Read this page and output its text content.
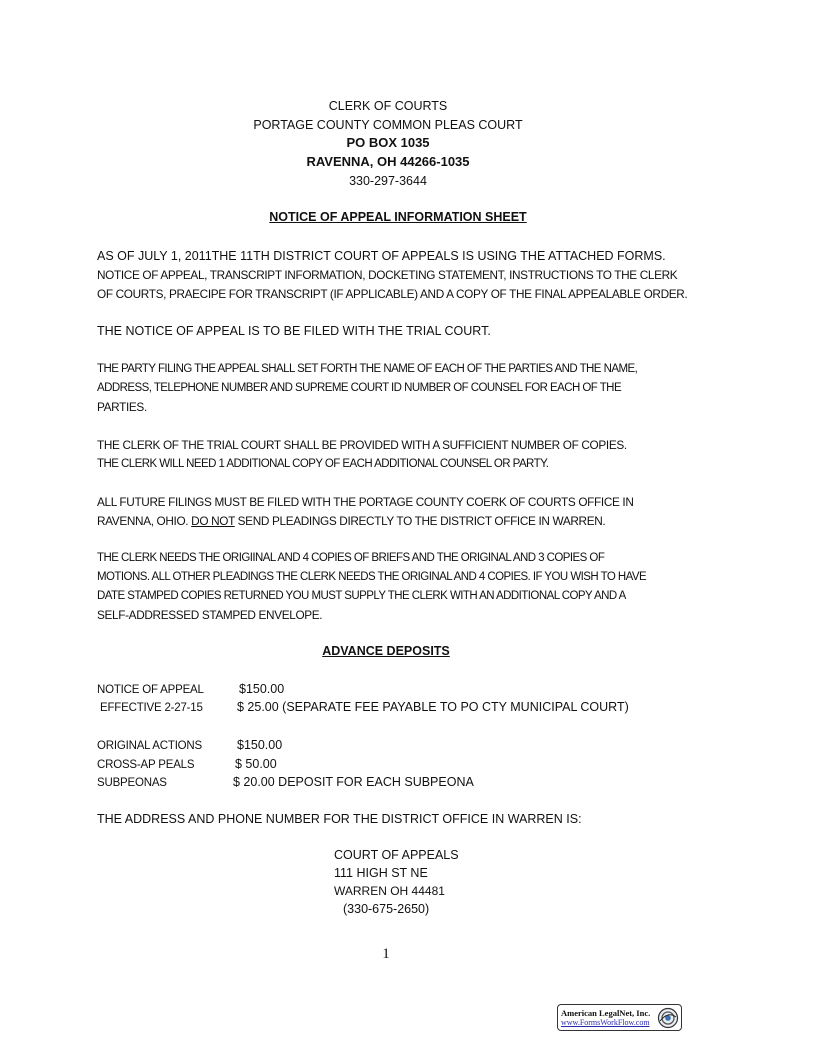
CLERK OF COURTS
PORTAGE COUNTY COMMON PLEAS COURT
PO BOX 1035
RAVENNA, OH 44266-1035
330-297-3644
NOTICE OF APPEAL INFORMATION SHEET
AS OF JULY 1, 2011THE 11TH DISTRICT COURT OF APPEALS IS USING THE ATTACHED FORMS.
NOTICE OF APPEAL, TRANSCRIPT INFORMATION, DOCKETING STATEMENT, INSTRUCTIONS TO THE CLERK
OF COURTS, PRAECIPE FOR TRANSCRIPT (IF APPLICABLE) AND A COPY OF THE FINAL APPEALABLE ORDER.
THE NOTICE OF APPEAL IS TO BE FILED WITH THE TRIAL COURT.
THE PARTY FILING THE APPEAL SHALL SET FORTH THE NAME OF EACH OF THE PARTIES AND THE NAME,
ADDRESS, TELEPHONE NUMBER AND SUPREME COURT ID NUMBER OF COUNSEL FOR EACH OF THE
PARTIES.
THE CLERK OF THE TRIAL COURT SHALL BE PROVIDED WITH A SUFFICIENT NUMBER OF COPIES.
THE CLERK WILL NEED 1 ADDITIONAL COPY OF EACH ADDITIONAL COUNSEL OR PARTY.
ALL FUTURE FILINGS MUST BE FILED WITH THE PORTAGE COUNTY COERK OF COURTS OFFICE IN
RAVENNA, OHIO. DO NOT SEND PLEADINGS DIRECTLY TO THE DISTRICT OFFICE IN WARREN.
THE CLERK NEEDS THE ORIGIINAL AND 4 COPIES OF BRIEFS AND THE ORIGINAL AND 3 COPIES OF
MOTIONS. ALL OTHER PLEADINGS THE CLERK NEEDS THE ORIGINAL AND 4 COPIES. IF YOU WISH TO HAVE
DATE STAMPED COPIES RETURNED YOU MUST SUPPLY THE CLERK WITH AN ADDITIONAL COPY AND A
SELF-ADDRESSED STAMPED ENVELOPE.
ADVANCE DEPOSITS
NOTICE OF APPEAL	$150.00
EFFECTIVE 2-27-15	$ 25.00 (SEPARATE FEE PAYABLE TO PO CTY MUNICIPAL COURT)
ORIGINAL ACTIONS	$150.00
CROSS-AP PEALS	$ 50.00
SUBPEONAS	$ 20.00 DEPOSIT FOR EACH SUBPEONA
THE ADDRESS AND PHONE NUMBER FOR THE DISTRICT OFFICE IN WARREN IS:
COURT OF APPEALS
111 HIGH ST NE
WARREN OH 44481
(330-675-2650)
1
American LegalNet, Inc.
www.FormsWorkFlow.com
